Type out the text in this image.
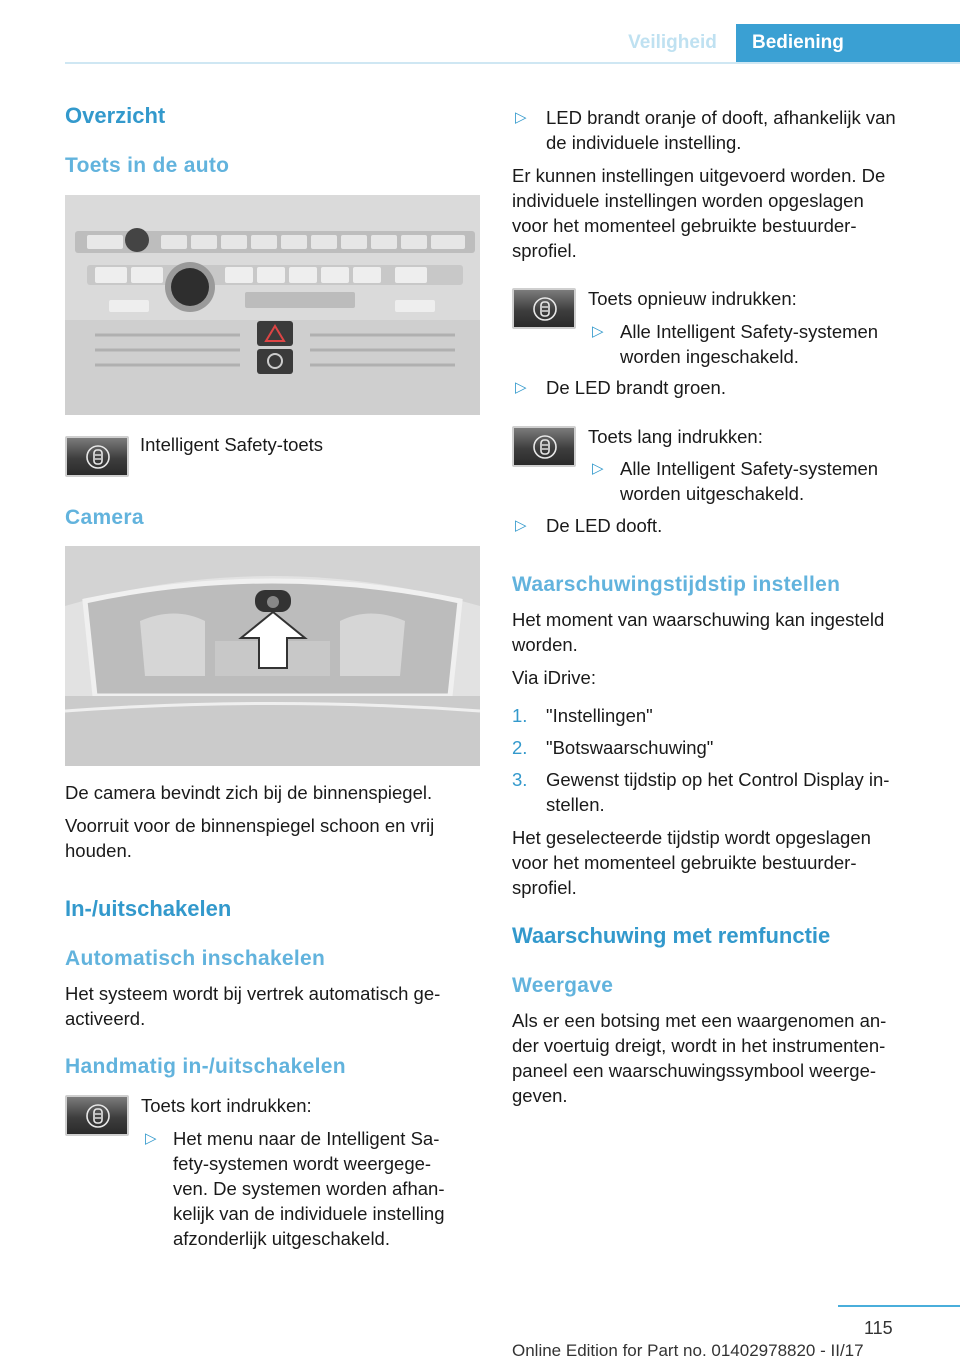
Veiligheid	Bediening
Overzicht
Toets in de auto
Intelligent Safety-toets
Camera
De camera bevindt zich bij de binnenspiegel.
Voorruit voor de binnenspiegel schoon en vrij
houden.
In-/uitschakelen
Automatisch inschakelen
Het systeem wordt bij vertrek automatisch ge‐
activeerd.
Handmatig in-/uitschakelen
Toets kort indrukken:
▷ Het menu naar de Intelligent Sa‐
fety-systemen wordt weergege‐
ven. De systemen worden afhan‐
kelijk van de individuele instelling
afzonderlijk uitgeschakeld.
▷ LED brandt oranje of dooft, afhankelijk van
de individuele instelling.
Er kunnen instellingen uitgevoerd worden. De
individuele instellingen worden opgeslagen
voor het momenteel gebruikte bestuurder‐
sprofiel.
Toets opnieuw indrukken:
▷ Alle Intelligent Safety-systemen
worden ingeschakeld.
▷ De LED brandt groen.
Toets lang indrukken:
▷ Alle Intelligent Safety-systemen
worden uitgeschakeld.
▷ De LED dooft.
Waarschuwingstijdstip instellen
Het moment van waarschuwing kan ingesteld
worden.
Via iDrive:
1. "Instellingen"
2. "Botswaarschuwing"
3. Gewenst tijdstip op het Control Display in‐
stellen.
Het geselecteerde tijdstip wordt opgeslagen
voor het momenteel gebruikte bestuurder‐
sprofiel.
Waarschuwing met remfunctie
Weergave
Als er een botsing met een waargenomen an‐
der voertuig dreigt, wordt in het instrumenten‐
paneel een waarschuwingssymbool weerge‐
geven.
115
Online Edition for Part no. 01402978820 - II/17
